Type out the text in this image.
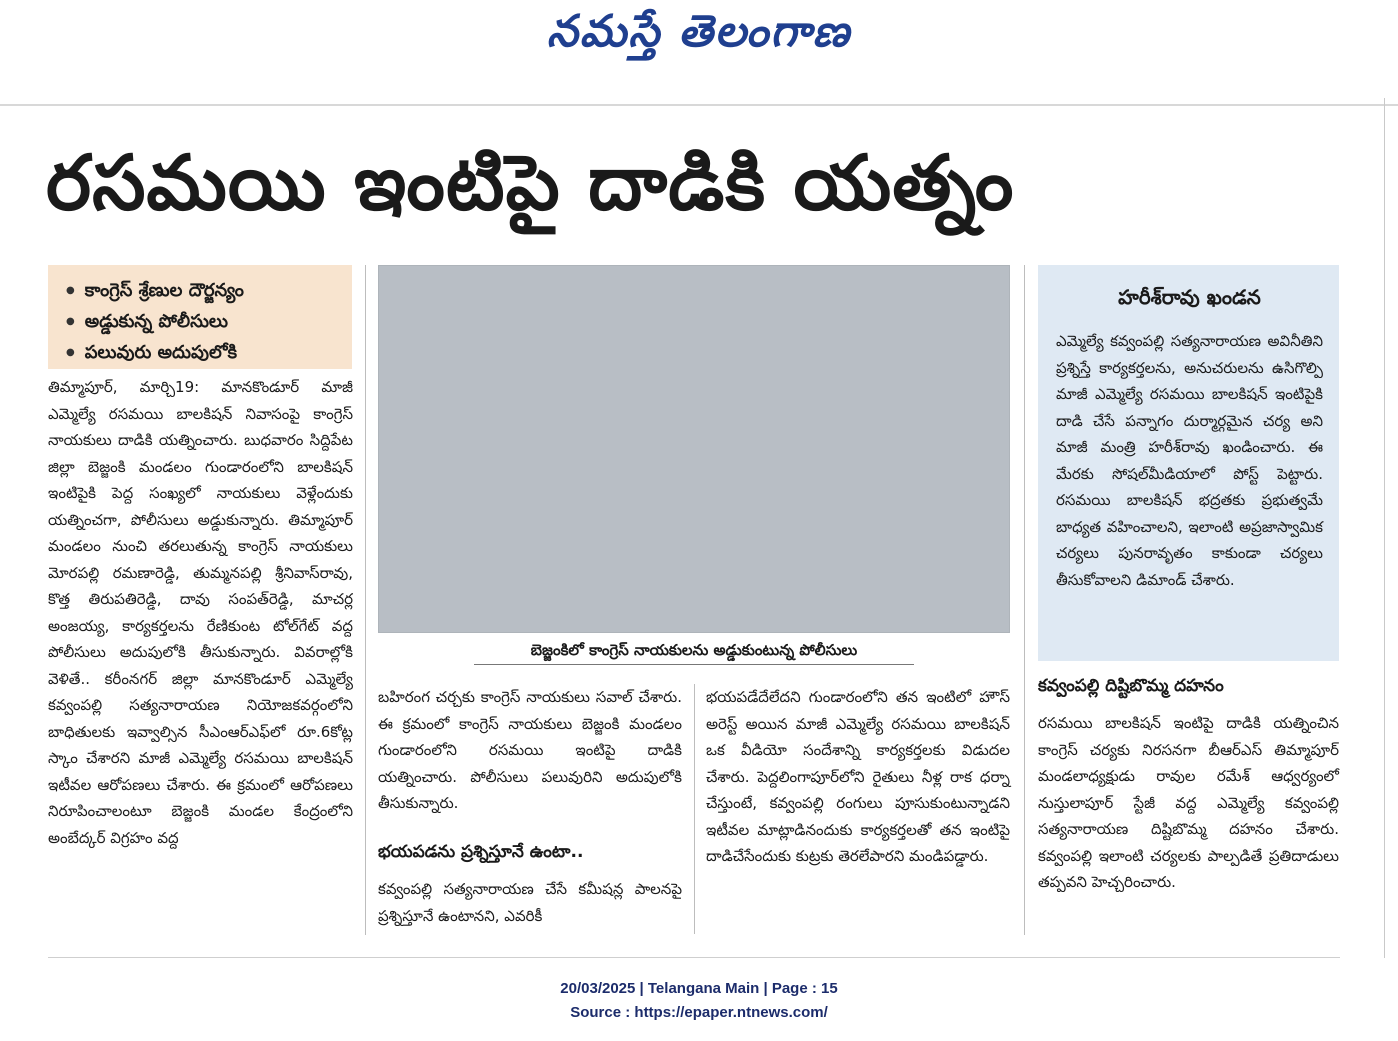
నమస్తే తెలంగాణ
రసమయి ఇంటిపై దాడికి యత్నం
● కాంగ్రెస్ శ్రేణుల దౌర్జన్యం
● అడ్డుకున్న పోలీసులు
● పలువురు అదుపులోకి
బెజ్జంకిలో కాంగ్రెస్ నాయకులను అడ్డుకుంటున్న పోలీసులు
హరీశ్‌రావు ఖండన
ఎమ్మెల్యే కవ్వంపల్లి సత్యనారాయణ అవినీతిని ప్రశ్నిస్తే కార్యకర్తలను, అనుచరులను ఉసిగొల్పి మాజీ ఎమ్మెల్యే రసమయి బాలకిషన్ ఇంటిపైకి దాడి చేసే పన్నాగం దుర్మార్గమైన చర్య అని మాజీ మంత్రి హరీశ్‌రావు ఖండించారు. ఈ మేరకు సోషల్‌మీడియాలో పోస్ట్ పెట్టారు. రసమయి బాలకిషన్ భద్రతకు ప్రభుత్వమే బాధ్యత వహించాలని, ఇలాంటి అప్రజాస్వామిక చర్యలు పునరావృతం కాకుండా చర్యలు తీసుకోవాలని డిమాండ్ చేశారు.

తిమ్మాపూర్, మార్చి19: మానకొండూర్ మాజీ ఎమ్మెల్యే రసమయి బాలకిషన్ నివాసంపై కాంగ్రెస్ నాయకులు దాడికి యత్నించారు. బుధవారం సిద్దిపేట జిల్లా బెజ్జంకి మండలం గుండారంలోని బాలకిషన్ ఇంటిపైకి పెద్ద సంఖ్యలో నాయకులు వెళ్లేందుకు యత్నించగా, పోలీసులు అడ్డుకున్నారు. తిమ్మాపూర్ మండలం నుంచి తరలుతున్న కాంగ్రెస్ నాయకులు మోరపల్లి రమణారెడ్డి, తుమ్మనపల్లి శ్రీనివాస్‌రావు, కొత్త తిరుపతిరెడ్డి, దావు సంపత్‌రెడ్డి, మాచర్ల అంజయ్య, కార్యకర్తలను రేణికుంట టోల్‌గేట్ వద్ద పోలీసులు అదుపులోకి తీసుకున్నారు. వివరాల్లోకి వెళితే.. కరీంనగర్ జిల్లా మానకొండూర్ ఎమ్మెల్యే కవ్వంపల్లి సత్యనారాయణ నియోజకవర్గంలోని బాధితులకు ఇవ్వాల్సిన సీఎంఆర్‌ఎఫ్‌లో రూ.6కోట్ల స్కాం చేశారని మాజీ ఎమ్మెల్యే రసమయి బాలకిషన్ ఇటీవల ఆరోపణలు చేశారు. ఈ క్రమంలో ఆరోపణలు నిరూపించాలంటూ బెజ్జంకి మండల కేంద్రంలోని అంబేద్కర్ విగ్రహం వద్ద

బహిరంగ చర్చకు కాంగ్రెస్ నాయకులు సవాల్ చేశారు. ఈ క్రమంలో కాంగ్రెస్ నాయకులు బెజ్జంకి మండలం గుండారంలోని రసమయి ఇంటిపై దాడికి యత్నించారు. పోలీసులు పలువురిని అదుపులోకి తీసుకున్నారు.

భయపడను ప్రశ్నిస్తూనే ఉంటా..

కవ్వంపల్లి సత్యనారాయణ చేసే కమీషన్ల పాలనపై ప్రశ్నిస్తూనే ఉంటానని, ఎవరికీ

భయపడేదేలేదని గుండారంలోని తన ఇంటిలో హౌస్ అరెస్ట్ అయిన మాజీ ఎమ్మెల్యే రసమయి బాలకిషన్ ఒక వీడియో సందేశాన్ని కార్యకర్తలకు విడుదల చేశారు. పెద్దలింగాపూర్‌లోని రైతులు నీళ్ల రాక ధర్నా చేస్తుంటే, కవ్వంపల్లి రంగులు పూసుకుంటున్నాడని ఇటీవల మాట్లాడినందుకు కార్యకర్తలతో తన ఇంటిపై దాడిచేసేందుకు కుట్రకు తెరలేపారని మండిపడ్డారు.

కవ్వంపల్లి దిష్టిబొమ్మ దహనం

రసమయి బాలకిషన్ ఇంటిపై దాడికి యత్నించిన కాంగ్రెస్ చర్యకు నిరసనగా బీఆర్‌ఎస్ తిమ్మాపూర్ మండలాధ్యక్షుడు రావుల రమేశ్ ఆధ్వర్యంలో నుస్తులాపూర్ స్టేజీ వద్ద ఎమ్మెల్యే కవ్వంపల్లి సత్యనారాయణ దిష్టిబొమ్మ దహనం చేశారు. కవ్వంపల్లి ఇలాంటి చర్యలకు పాల్పడితే ప్రతిదాడులు తప్పవని హెచ్చరించారు.

20/03/2025 | Telangana Main | Page : 15
Source : https://epaper.ntnews.com/
